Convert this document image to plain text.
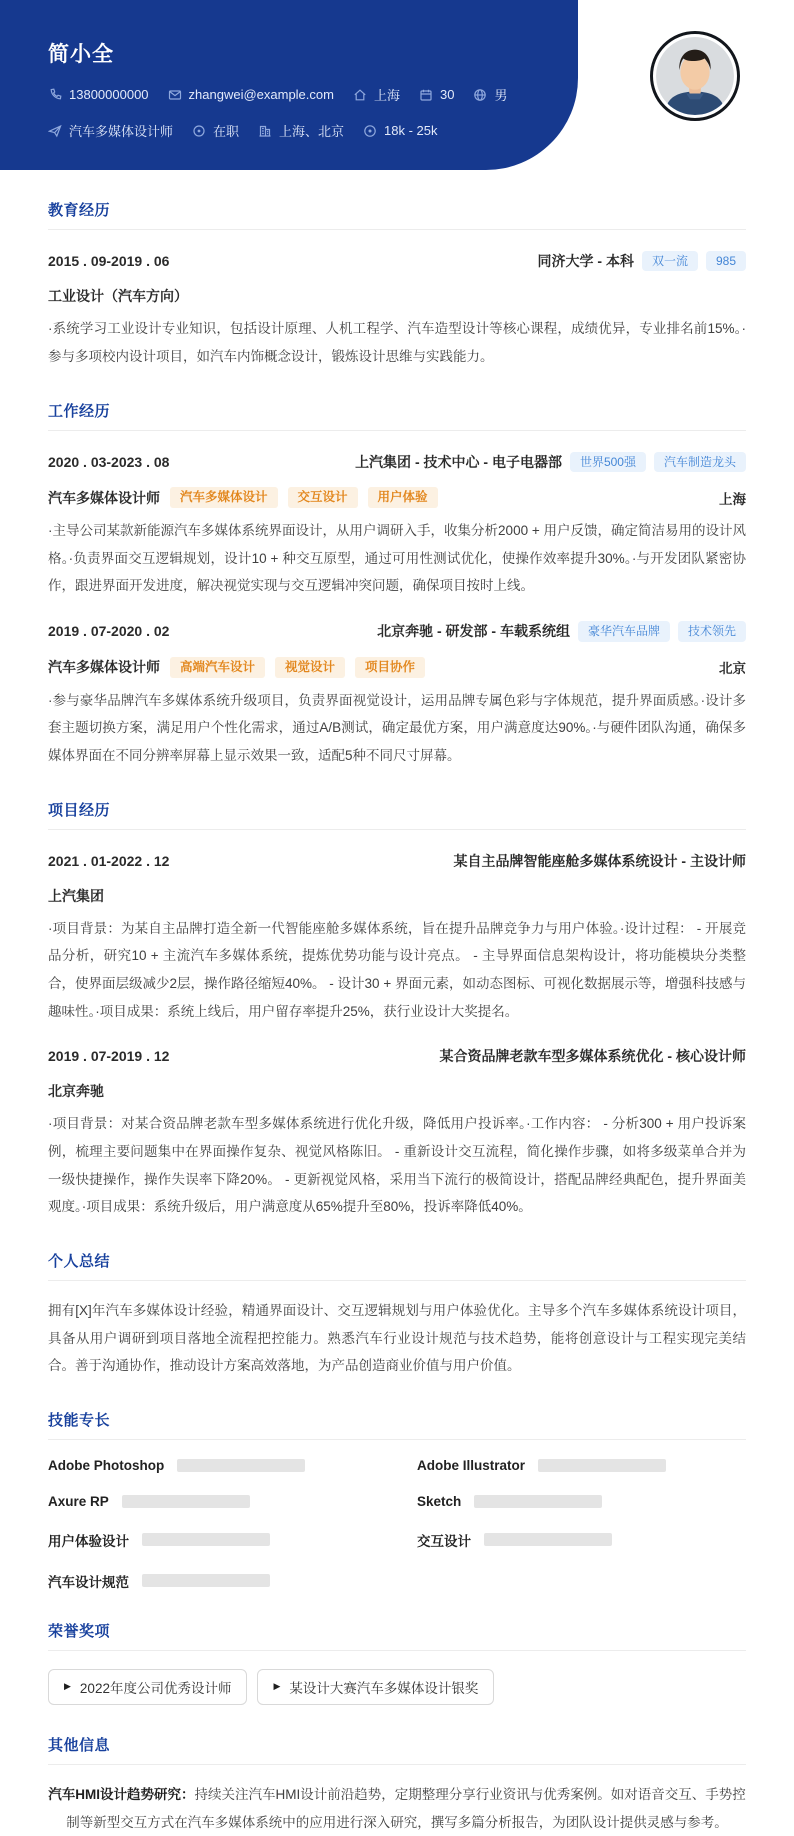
简小全
13800000000	zhangwei@example.com	上海	30	男
汽车多媒体设计师	在职	上海、北京	18k - 25k
教育经历
2015 . 09-2019 . 06	同济大学 - 本科	双一流	985
工业设计（汽车方向）

·系统学习工业设计专业知识，包括设计原理、人机工程学、汽车造型设计等核心课程，成绩优异，专业排名前15%。·参与多项校内设计项目，如汽车内饰概念设计，锻炼设计思维与实践能力。

工作经历
2020 . 03-2023 . 08	上汽集团 - 技术中心 - 电子电器部	世界500强	汽车制造龙头
汽车多媒体设计师	汽车多媒体设计	交互设计	用户体验	上海

·主导公司某款新能源汽车多媒体系统界面设计，从用户调研入手，收集分析2000 + 用户反馈，确定简洁易用的设计风格。·负责界面交互逻辑规划，设计10 + 种交互原型，通过可用性测试优化，使操作效率提升30%。·与开发团队紧密协作，跟进界面开发进度，解决视觉实现与交互逻辑冲突问题，确保项目按时上线。

2019 . 07-2020 . 02	北京奔驰 - 研发部 - 车载系统组	豪华汽车品牌	技术领先
汽车多媒体设计师	高端汽车设计	视觉设计	项目协作	北京

·参与豪华品牌汽车多媒体系统升级项目，负责界面视觉设计，运用品牌专属色彩与字体规范，提升界面质感。·设计多套主题切换方案，满足用户个性化需求，通过A/B测试，确定最优方案，用户满意度达90%。·与硬件团队沟通，确保多媒体界面在不同分辨率屏幕上显示效果一致，适配5种不同尺寸屏幕。

项目经历
2021 . 01-2022 . 12	某自主品牌智能座舱多媒体系统设计 - 主设计师
上汽集团

·项目背景：为某自主品牌打造全新一代智能座舱多媒体系统，旨在提升品牌竞争力与用户体验。·设计过程： - 开展竞品分析，研究10 + 主流汽车多媒体系统，提炼优势功能与设计亮点。 - 主导界面信息架构设计，将功能模块分类整合，使界面层级减少2层，操作路径缩短40%。 - 设计30 + 界面元素，如动态图标、可视化数据展示等，增强科技感与趣味性。·项目成果：系统上线后，用户留存率提升25%，获行业设计大奖提名。

2019 . 07-2019 . 12	某合资品牌老款车型多媒体系统优化 - 核心设计师
北京奔驰

·项目背景：对某合资品牌老款车型多媒体系统进行优化升级，降低用户投诉率。·工作内容： - 分析300 + 用户投诉案例，梳理主要问题集中在界面操作复杂、视觉风格陈旧。 - 重新设计交互流程，简化操作步骤，如将多级菜单合并为一级快捷操作，操作失误率下降20%。 - 更新视觉风格，采用当下流行的极简设计，搭配品牌经典配色，提升界面美观度。·项目成果：系统升级后，用户满意度从65%提升至80%，投诉率降低40%。

个人总结

拥有[X]年汽车多媒体设计经验，精通界面设计、交互逻辑规划与用户体验优化。主导多个汽车多媒体系统设计项目，具备从用户调研到项目落地全流程把控能力。熟悉汽车行业设计规范与技术趋势，能将创意设计与工程实现完美结合。善于沟通协作，推动设计方案高效落地，为产品创造商业价值与用户价值。

技能专长
Adobe Photoshop	Adobe Illustrator
Axure RP	Sketch
用户体验设计	交互设计
汽车设计规范
荣誉奖项
▶ 2022年度公司优秀设计师	▶ 某设计大赛汽车多媒体设计银奖
其他信息

汽车HMI设计趋势研究：持续关注汽车HMI设计前沿趋势，定期整理分享行业资讯与优秀案例。如对语音交互、手势控制等新型交互方式在汽车多媒体系统中的应用进行深入研究，撰写多篇分析报告，为团队设计提供灵感与参考。
